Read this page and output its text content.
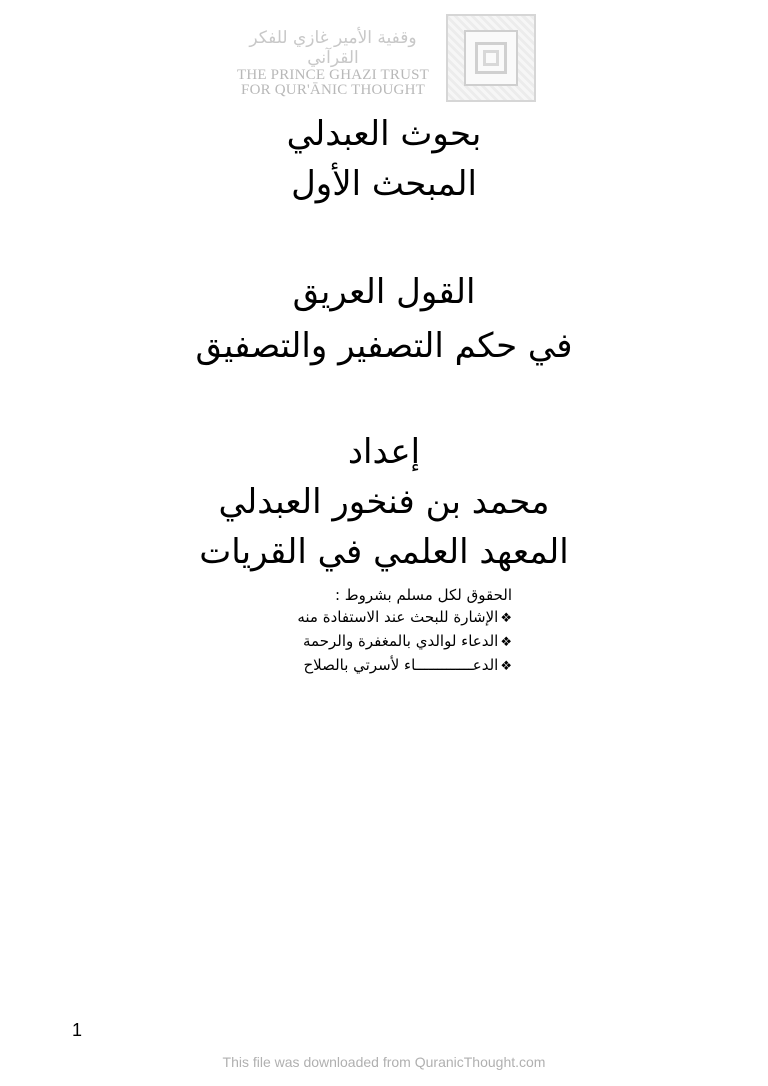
وقفية الأمير غازي للفكر القرآني
THE PRINCE GHAZI TRUST
FOR QUR'ĀNIC THOUGHT
بحوث العبدلي
المبحث الأول
القول العريق
في حكم التصفير والتصفيق
إعداد
محمد بن فنخور العبدلي
المعهد العلمي في القريات
الحقوق لكل مسلم بشروط :
❖الإشارة للبحث عند الاستفادة منه
❖الدعاء لوالدي بالمغفرة والرحمة
❖الدعـــــــــــــاء لأسرتي بالصلاح
1
This file was downloaded from QuranicThought.com
